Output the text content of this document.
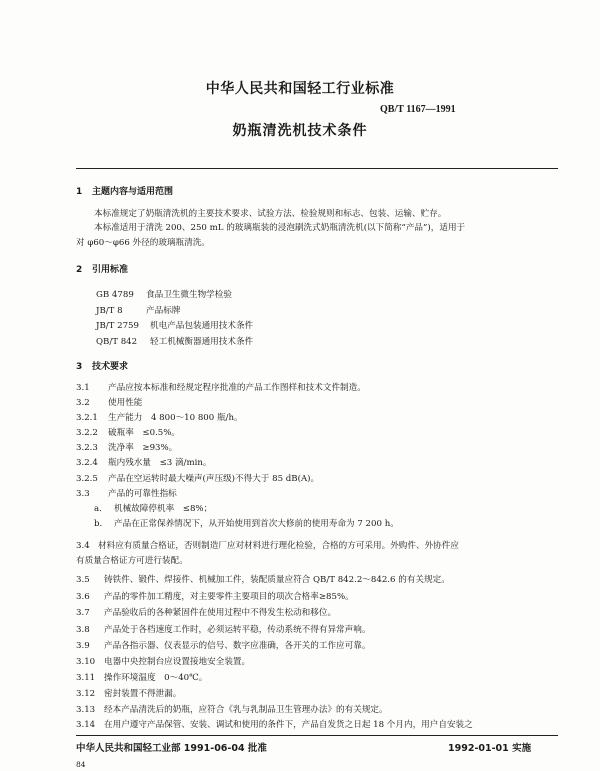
中华人民共和国轻工行业标准
QB/T 1167—1991
奶瓶清洗机技术条件
1 主题内容与适用范围
本标准规定了奶瓶清洗机的主要技术要求、试验方法、检验规则和标志、包装、运输、贮存。
本标准适用于清洗 200、250 mL 的玻璃瓶装的浸泡刷洗式奶瓶清洗机(以下简称“产品”)，适用于
对 φ60～φ66 外径的玻璃瓶清洗。
2 引用标准
GB 4789 食品卫生微生物学检验
JB/T 8	产品标牌
JB/T 2759 机电产品包装通用技术条件
QB/T 842 轻工机械衡器通用技术条件
3 技术要求
3.1 产品应按本标准和经规定程序批准的产品工作图样和技术文件制造。
3.2 使用性能
3.2.1 生产能力　4 800～10 800 瓶/h。
3.2.2 破瓶率　≤0.5%。
3.2.3 洗净率　≥93%。
3.2.4 瓶内残水量　≤3 滴/min。
3.2.5 产品在空运转时最大噪声(声压级)不得大于 85 dB(A)。
3.3 产品的可靠性指标
a. 机械故障停机率　≤8%；
b. 产品在正常保养情况下，从开始使用到首次大修前的使用寿命为 7 200 h。
3.4 材料应有质量合格证，否则制造厂应对材料进行理化检验，合格的方可采用。外购件、外协件应
有质量合格证方可进行装配。
3.5 铸铁件、锻件、焊接件、机械加工件，装配质量应符合 QB/T 842.2～842.6 的有关规定。
3.6 产品的零件加工精度，对主要零件主要项目的项次合格率≥85%。
3.7 产品验收后的各种紧固件在使用过程中不得发生松动和移位。
3.8 产品处于各档速度工作时，必须运转平稳，传动系统不得有异常声响。
3.9 产品各指示器、仪表显示的信号、数字应准确，各开关的工作应可靠。
3.10 电器中央控制台应设置接地安全装置。
3.11 操作环境温度　0～40℃。
3.12 密封装置不得泄漏。
3.13 经本产品清洗后的奶瓶，应符合《乳与乳制品卫生管理办法》的有关规定。
3.14 在用户遵守产品保管、安装、调试和使用的条件下，产品自发货之日起 18 个月内，用户自安装之
中华人民共和国轻工业部 1991-06-04 批准	1992-01-01 实施
84
